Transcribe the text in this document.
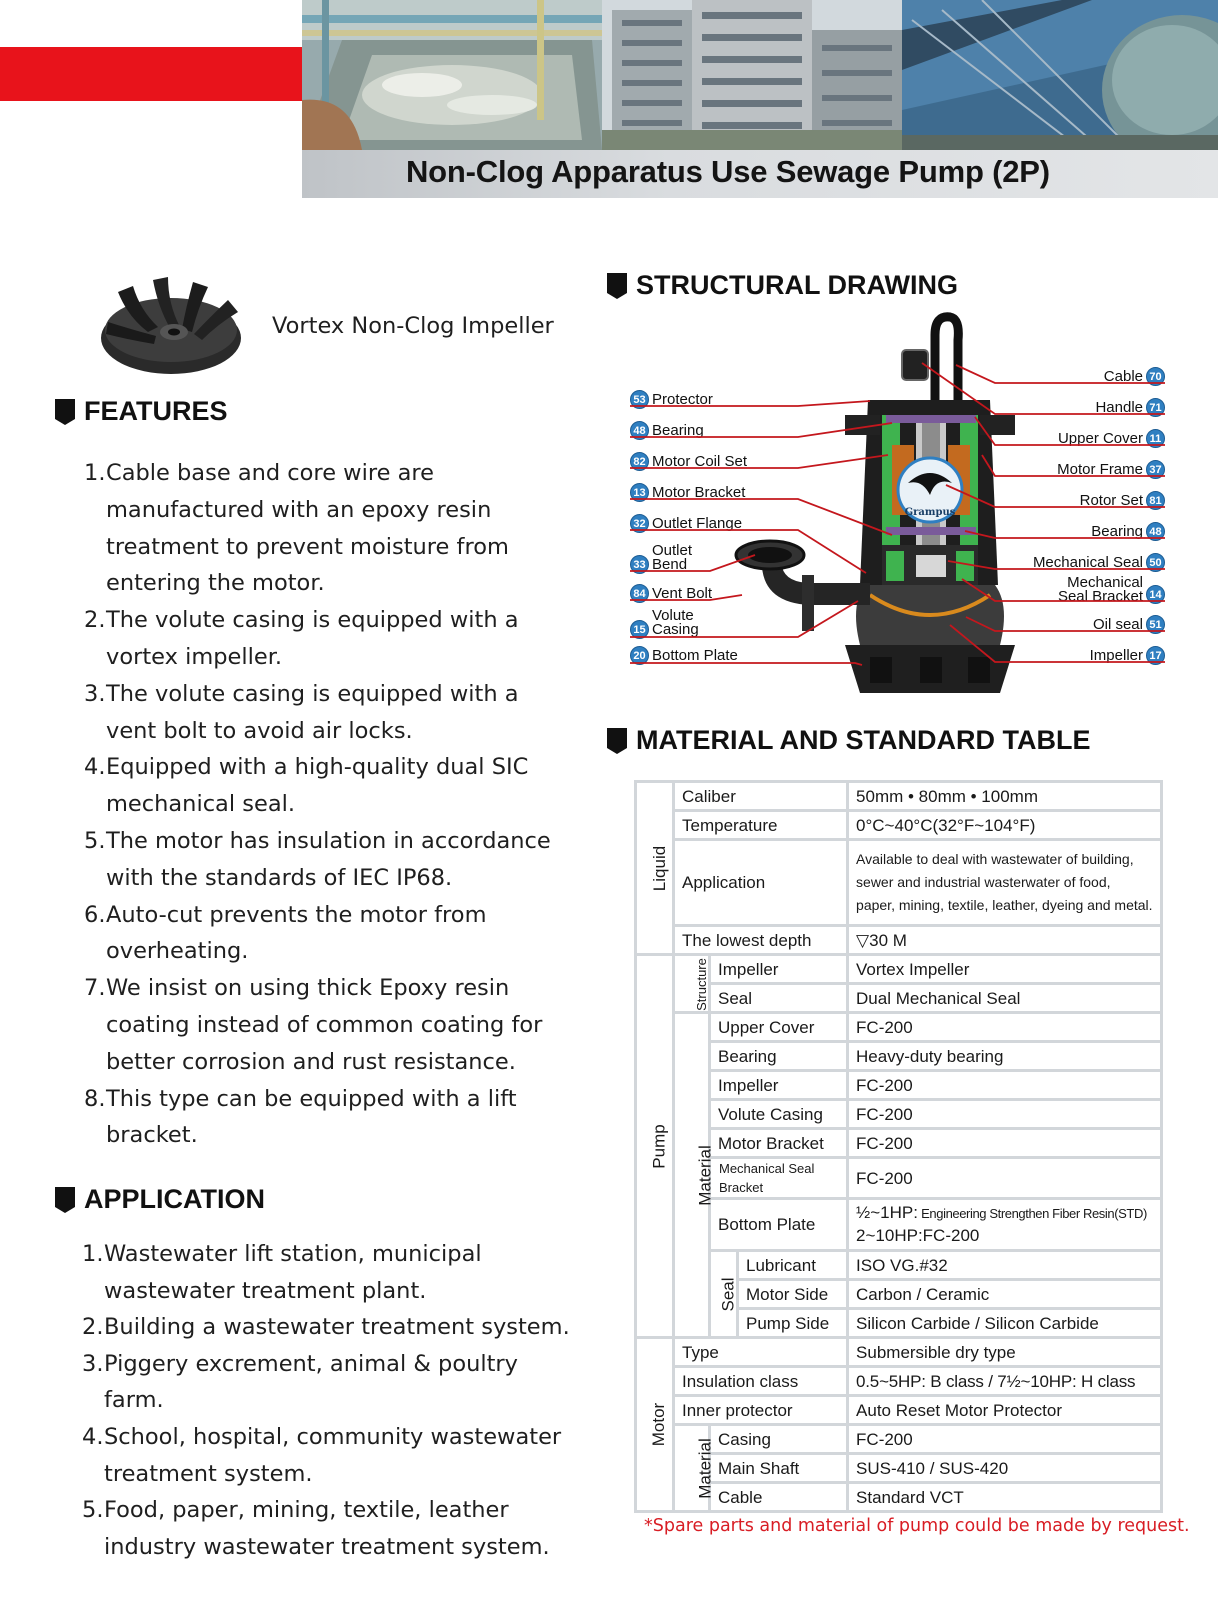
Non-Clog Apparatus Use Sewage Pump (2P)
Vortex Non-Clog Impeller
FEATURES
1. Cable base and core wire are manufactured with an epoxy resin treatment to prevent moisture from entering the motor.
2. The volute casing is equipped with a vortex impeller.
3. The volute casing is equipped with a vent bolt to avoid air locks.
4. Equipped with a high-quality dual SIC mechanical seal.
5. The motor has insulation in accordance with the standards of IEC IP68.
6. Auto-cut prevents the motor from overheating.
7. We insist on using thick Epoxy resin coating instead of common coating for better corrosion and rust resistance.
8. This type can be equipped with a lift bracket.
APPLICATION
1. Wastewater lift station, municipal wastewater treatment plant.
2. Building a wastewater treatment system.
3. Piggery excrement, animal & poultry farm.
4. School, hospital, community wastewater treatment system.
5. Food, paper, mining, textile, leather industry wastewater treatment system.
STRUCTURAL DRAWING
Grampus
53 Protector
48 Bearing
82 Motor Coil Set
13 Motor Bracket
32 Outlet Flange
33
Outlet
Bend
84 Vent Bolt
15
Volute
Casing
20 Bottom Plate
70
Cable
71
Handle
11
Upper Cover
37
Motor Frame
81
Rotor Set
48
Bearing
50
Mechanical Seal
14
Mechanical
Seal Bracket
51
Oil seal
17
Impeller
MATERIAL AND STANDARD TABLE
Liquid	Caliber			50mm • 80mm • 100mm
	Temperature			0°C~40°C(32°F~104°F)
	Application			Available to deal with wastewater of building, sewer and industrial wasterwater of food, paper, mining, textile, leather, dyeing and metal.
	The lowest depth			▽30 M
Pump	Structure	Impeller		Vortex Impeller
		Seal		Dual Mechanical Seal
	Material	Upper Cover		FC-200
		Bearing		Heavy-duty bearing
		Impeller		FC-200
		Volute Casing		FC-200
		Motor Bracket		FC-200
		Mechanical Seal Bracket		FC-200
		Bottom Plate		½~1HP: Engineering Strengthen Fiber Resin(STD)
2~10HP:FC-200
		Seal	Lubricant	ISO VG.#32
			Motor Side	Carbon / Ceramic
			Pump Side	Silicon Carbide / Silicon Carbide
Motor	Type			Submersible dry type
	Insulation class			0.5~5HP: B class / 7½~10HP: H class
	Inner protector			Auto Reset Motor Protector
	Material	Casing		FC-200
		Main Shaft		SUS-410 / SUS-420
		Cable		Standard VCT
*Spare parts and material of pump could be made by request.
